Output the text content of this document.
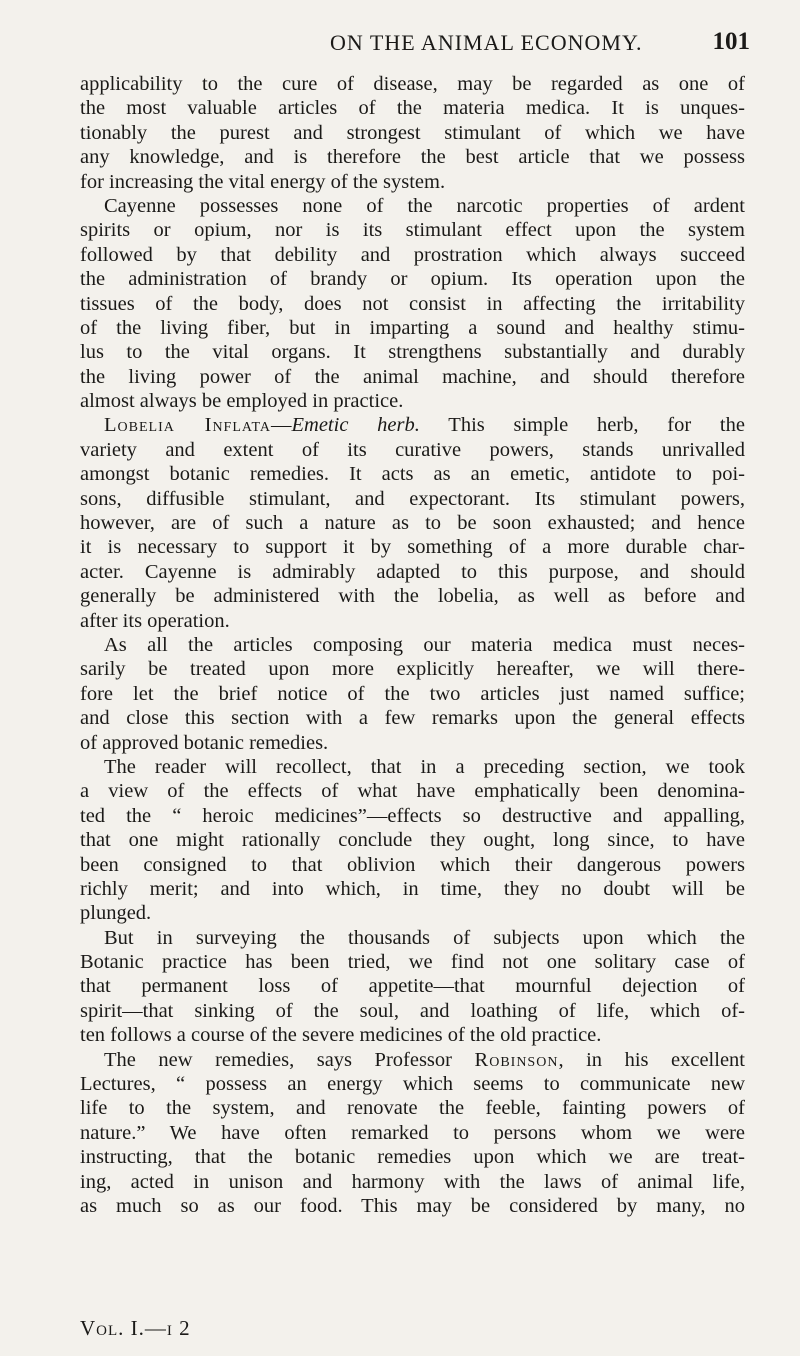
ON THE ANIMAL ECONOMY.	101
applicability to the cure of disease, may be regarded as one of
the most valuable articles of the materia medica. It is unques-
tionably the purest and strongest stimulant of which we have
any knowledge, and is therefore the best article that we possess
for increasing the vital energy of the system.
Cayenne possesses none of the narcotic properties of ardent
spirits or opium, nor is its stimulant effect upon the system
followed by that debility and prostration which always succeed
the administration of brandy or opium. Its operation upon the
tissues of the body, does not consist in affecting the irritability
of the living fiber, but in imparting a sound and healthy stimu-
lus to the vital organs. It strengthens substantially and durably
the living power of the animal machine, and should therefore
almost always be employed in practice.
Lobelia Inflata—Emetic herb. This simple herb, for the
variety and extent of its curative powers, stands unrivalled
amongst botanic remedies. It acts as an emetic, antidote to poi-
sons, diffusible stimulant, and expectorant. Its stimulant powers,
however, are of such a nature as to be soon exhausted; and hence
it is necessary to support it by something of a more durable char-
acter. Cayenne is admirably adapted to this purpose, and should
generally be administered with the lobelia, as well as before and
after its operation.
As all the articles composing our materia medica must neces-
sarily be treated upon more explicitly hereafter, we will there-
fore let the brief notice of the two articles just named suffice;
and close this section with a few remarks upon the general effects
of approved botanic remedies.
The reader will recollect, that in a preceding section, we took
a view of the effects of what have emphatically been denomina-
ted the “ heroic medicines”—effects so destructive and appalling,
that one might rationally conclude they ought, long since, to have
been consigned to that oblivion which their dangerous powers
richly merit; and into which, in time, they no doubt will be
plunged.
But in surveying the thousands of subjects upon which the
Botanic practice has been tried, we find not one solitary case of
that permanent loss of appetite—that mournful dejection of
spirit—that sinking of the soul, and loathing of life, which of-
ten follows a course of the severe medicines of the old practice.
The new remedies, says Professor Robinson, in his excellent
Lectures, “ possess an energy which seems to communicate new
life to the system, and renovate the feeble, fainting powers of
nature.” We have often remarked to persons whom we were
instructing, that the botanic remedies upon which we are treat-
ing, acted in unison and harmony with the laws of animal life,
as much so as our food. This may be considered by many, no
Vol. I.—i 2
